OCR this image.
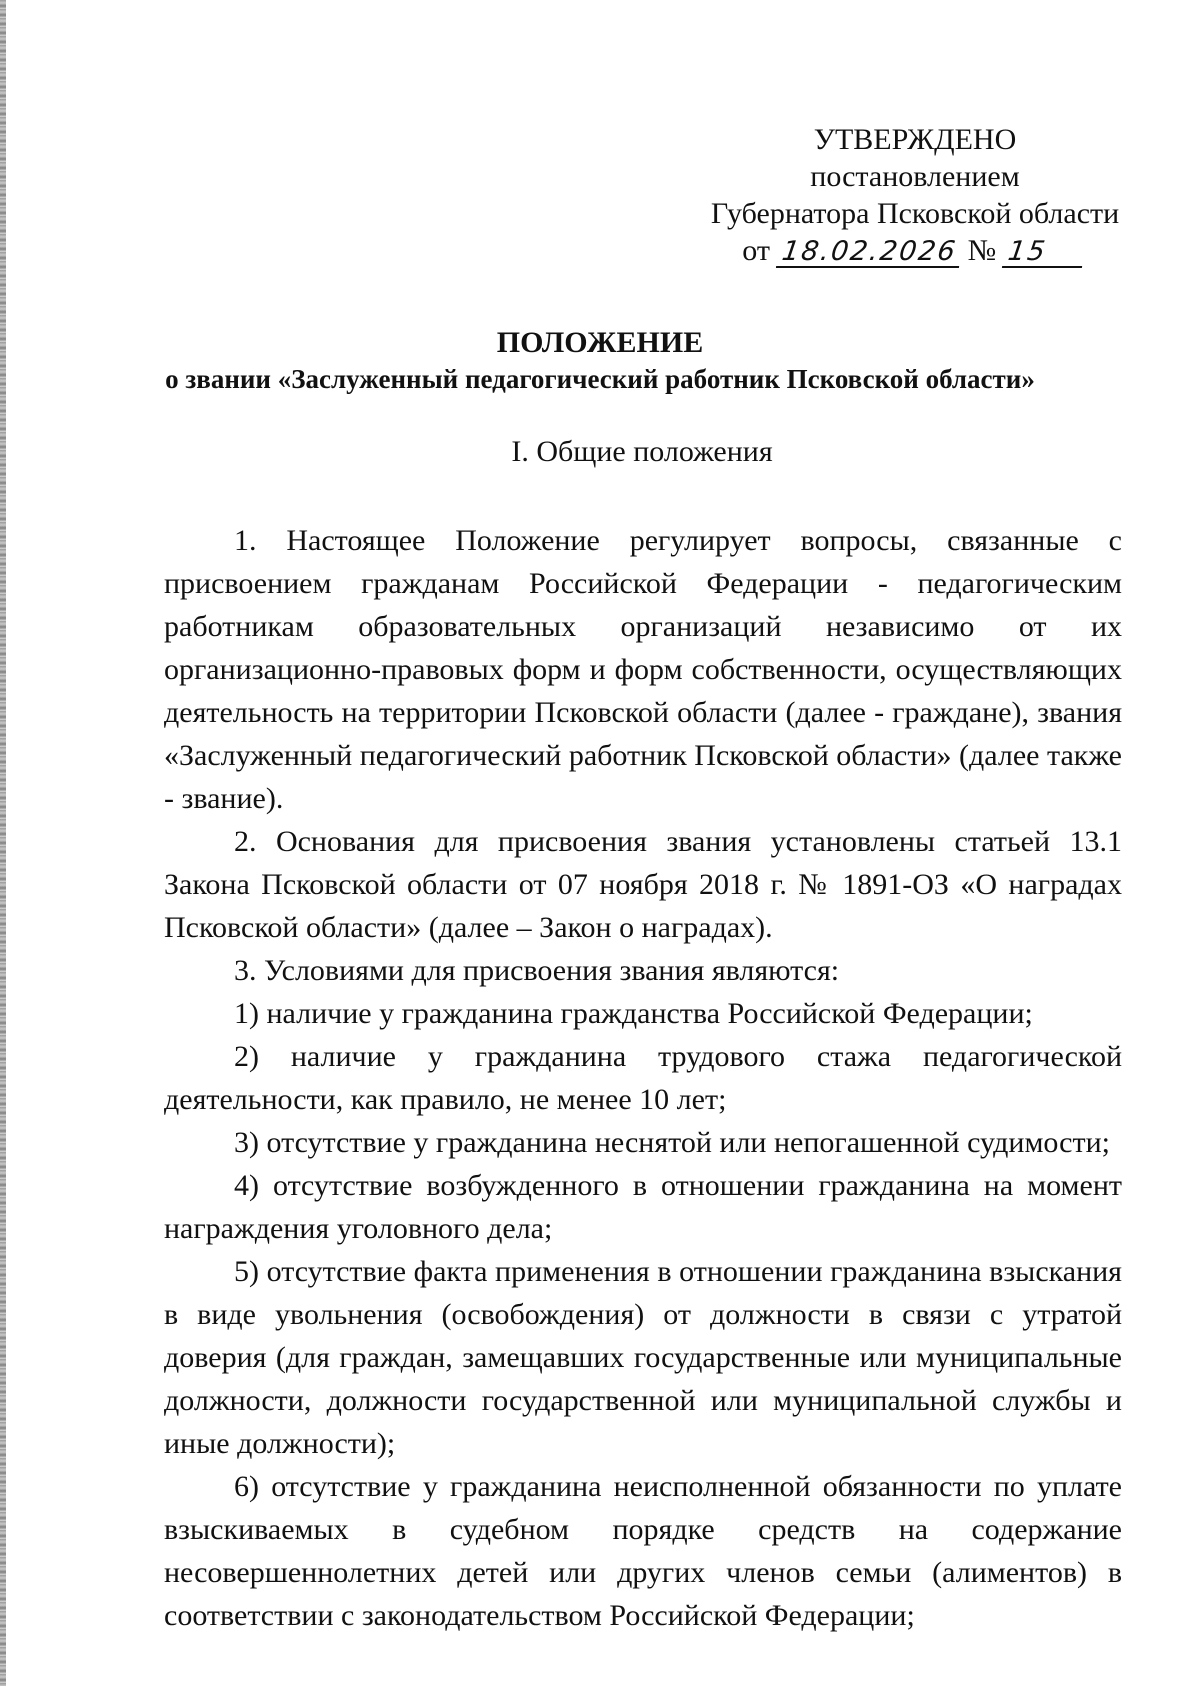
УТВЕРЖДЕНО
постановлением
Губернатора Псковской области
от 18.02.2026 № 15
ПОЛОЖЕНИЕ
о звании «Заслуженный педагогический работник Псковской области»
I. Общие положения

1. Настоящее Положение регулирует вопросы, связанные с присвоением гражданам Российской Федерации - педагогическим работникам образовательных организаций независимо от их организационно-правовых форм и форм собственности, осуществляющих деятельность на территории Псковской области (далее - граждане), звания «Заслуженный педагогический работник Псковской области» (далее также - звание).

2. Основания для присвоения звания установлены статьей 13.1 Закона Псковской области от 07 ноября 2018 г. № 1891-ОЗ «О наградах Псковской области» (далее – Закон о наградах).

3. Условиями для присвоения звания являются:

1) наличие у гражданина гражданства Российской Федерации;

2) наличие у гражданина трудового стажа педагогической деятельности, как правило, не менее 10 лет;

3) отсутствие у гражданина неснятой или непогашенной судимости;

4) отсутствие возбужденного в отношении гражданина на момент награждения уголовного дела;

5) отсутствие факта применения в отношении гражданина взыскания в виде увольнения (освобождения) от должности в связи с утратой доверия (для граждан, замещавших государственные или муниципальные должности, должности государственной или муниципальной службы и иные должности);

6) отсутствие у гражданина неисполненной обязанности по уплате взыскиваемых в судебном порядке средств на содержание несовершеннолетних детей или других членов семьи (алиментов) в соответствии с законодательством Российской Федерации;
